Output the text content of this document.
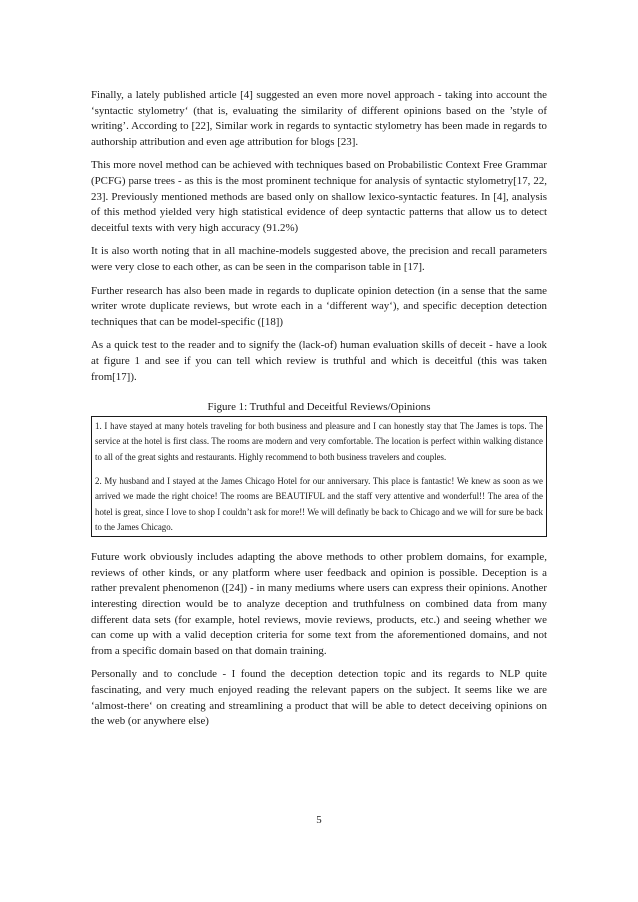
Finally, a lately published article [4] suggested an even more novel approach - taking into account the ‘syntactic stylometry‘ (that is, evaluating the similarity of different opinions based on the ’style of writing’. According to [22], Similar work in regards to syntactic stylometry has been made in regards to authorship attribution and even age attribution for blogs [23].

This more novel method can be achieved with techniques based on Probabilistic Context Free Grammar (PCFG) parse trees - as this is the most prominent technique for analysis of syntactic stylometry[17, 22, 23]. Previously mentioned methods are based only on shallow lexico-syntactic features. In [4], analysis of this method yielded very high statistical evidence of deep syntactic patterns that allow us to detect deceitful texts with very high accuracy (91.2%)

It is also worth noting that in all machine-models suggested above, the precision and recall parameters were very close to each other, as can be seen in the comparison table in [17].

Further research has also been made in regards to duplicate opinion detection (in a sense that the same writer wrote duplicate reviews, but wrote each in a ‘different way‘), and specific deception detection techniques that can be model-specific ([18])

As a quick test to the reader and to signify the (lack-of) human evaluation skills of deceit - have a look at figure 1 and see if you can tell which review is truthful and which is deceitful (this was taken from[17]).

Figure 1: Truthful and Deceitful Reviews/Opinions

1. I have stayed at many hotels traveling for both business and pleasure and I can honestly stay that The James is tops. The service at the hotel is first class. The rooms are modern and very comfortable. The location is perfect within walking distance to all of the great sights and restaurants. Highly recommend to both business travelers and couples.

2. My husband and I stayed at the James Chicago Hotel for our anniversary. This place is fantastic! We knew as soon as we arrived we made the right choice! The rooms are BEAUTIFUL and the staff very attentive and wonderful!! The area of the hotel is great, since I love to shop I couldn’t ask for more!! We will definatly be back to Chicago and we will for sure be back to the James Chicago.

Future work obviously includes adapting the above methods to other problem domains, for example, reviews of other kinds, or any platform where user feedback and opinion is possible. Deception is a rather prevalent phenomenon ([24]) - in many mediums where users can express their opinions. Another interesting direction would be to analyze deception and truthfulness on combined data from many different data sets (for example, hotel reviews, movie reviews, products, etc.) and seeing whether we can come up with a valid deception criteria for some text from the aforementioned domains, and not from a specific domain based on that domain training.

Personally and to conclude - I found the deception detection topic and its regards to NLP quite fascinating, and very much enjoyed reading the relevant papers on the subject. It seems like we are ‘almost-there‘ on creating and streamlining a product that will be able to detect deceiving opinions on the web (or anywhere else)

5
